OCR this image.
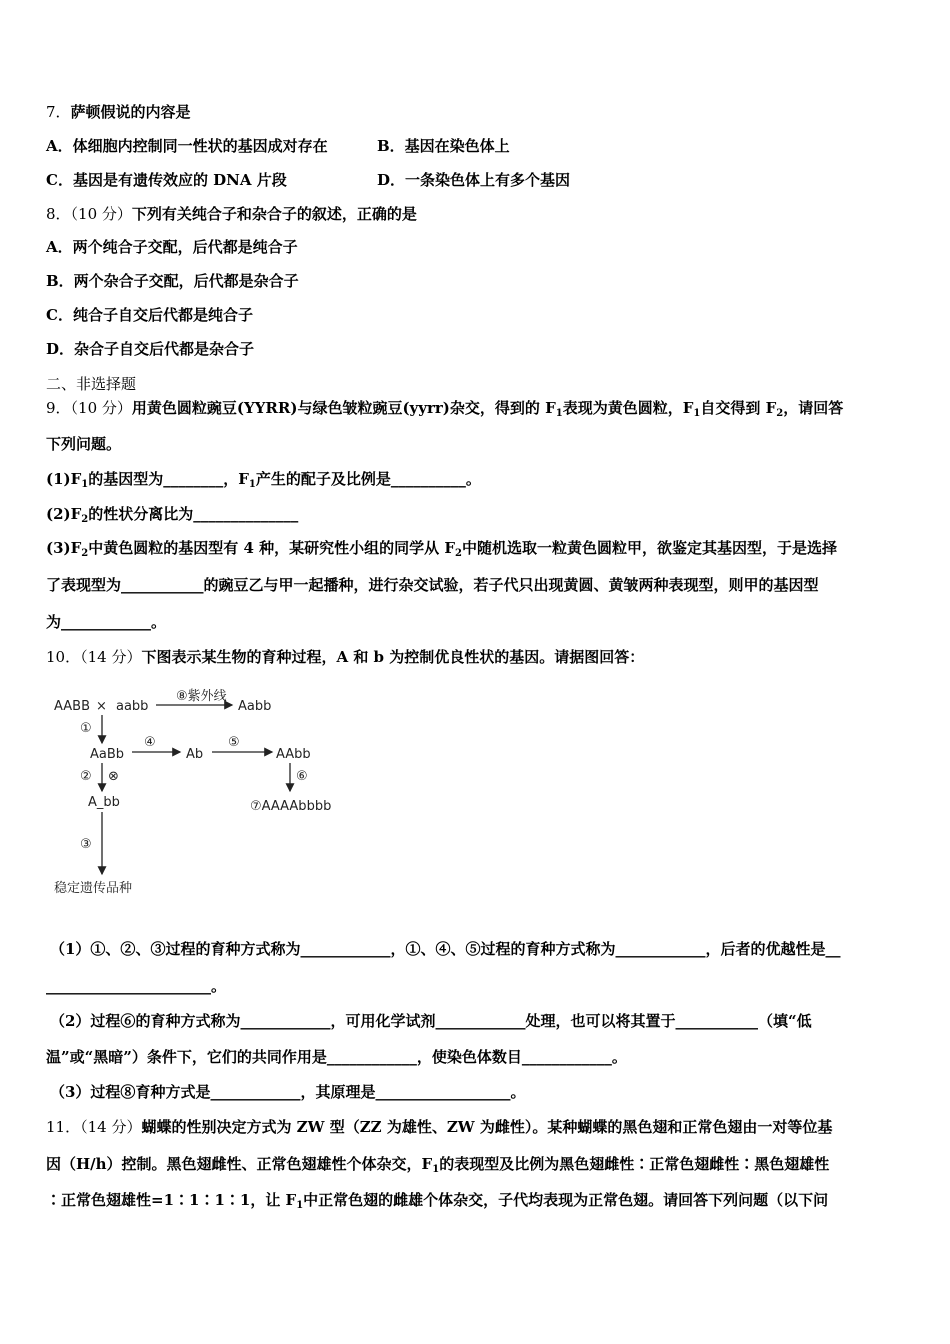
7．萨顿假说的内容是
A．体细胞内控制同一性状的基因成对存在	B．基因在染色体上
C．基因是有遗传效应的 DNA 片段	D．一条染色体上有多个基因
8．（10 分）下列有关纯合子和杂合子的叙述，正确的是
A．两个纯合子交配，后代都是纯合子
B．两个杂合子交配，后代都是杂合子
C．纯合子自交后代都是纯合子
D．杂合子自交后代都是杂合子
二、非选择题
9．（10 分）用黄色圆粒豌豆(YYRR)与绿色皱粒豌豆(yyrr)杂交，得到的 $F_1$表现为黄色圆粒，$F_1$自交得到 $F_2$，请回答
下列问题。
$(1)F_1$的基因型为________，$F_1$产生的配子及比例是__________。
$(2)F_2$的性状分离比为______________
$(3)F_2$中黄色圆粒的基因型有 4 种，某研究性小组的同学从 $F_2$中随机选取一粒黄色圆粒甲，欲鉴定其基因型，于是选择
了表现型为___________的豌豆乙与甲一起播种，进行杂交试验，若子代只出现黄圆、黄皱两种表现型，则甲的基因型
为____________。
10．（14 分）下图表示某生物的育种过程，A 和 b 为控制优良性状的基因。请据图回答：
AABB × aabb
⑧紫外线
Aabb
①
AaBb
④
Ab
⑤
AAbb
② ⊗	⑥
A_bb	⑦AAAAbbbb
③
稳定遗传品种
（1）①、②、③过程的育种方式称为____________，①、④、⑤过程的育种方式称为____________，后者的优越性是__
______________________。
（2）过程⑥的育种方式称为____________，可用化学试剂____________处理，也可以将其置于___________（填“低
温”或“黑暗”）条件下，它们的共同作用是____________，使染色体数目____________。
（3）过程⑧育种方式是____________，其原理是__________________。
11．（14 分）蝴蝶的性别决定方式为 ZW 型（ZZ 为雄性、ZW 为雌性）。某种蝴蝶的黑色翅和正常色翅由一对等位基
因（H/h）控制。黑色翅雌性、正常色翅雄性个体杂交，$F_1$的表现型及比例为黑色翅雌性∶正常色翅雌性∶黑色翅雄性
∶正常色翅雄性=1∶1∶1∶1，让 $F_1$中正常色翅的雌雄个体杂交，子代均表现为正常色翅。请回答下列问题（以下问
